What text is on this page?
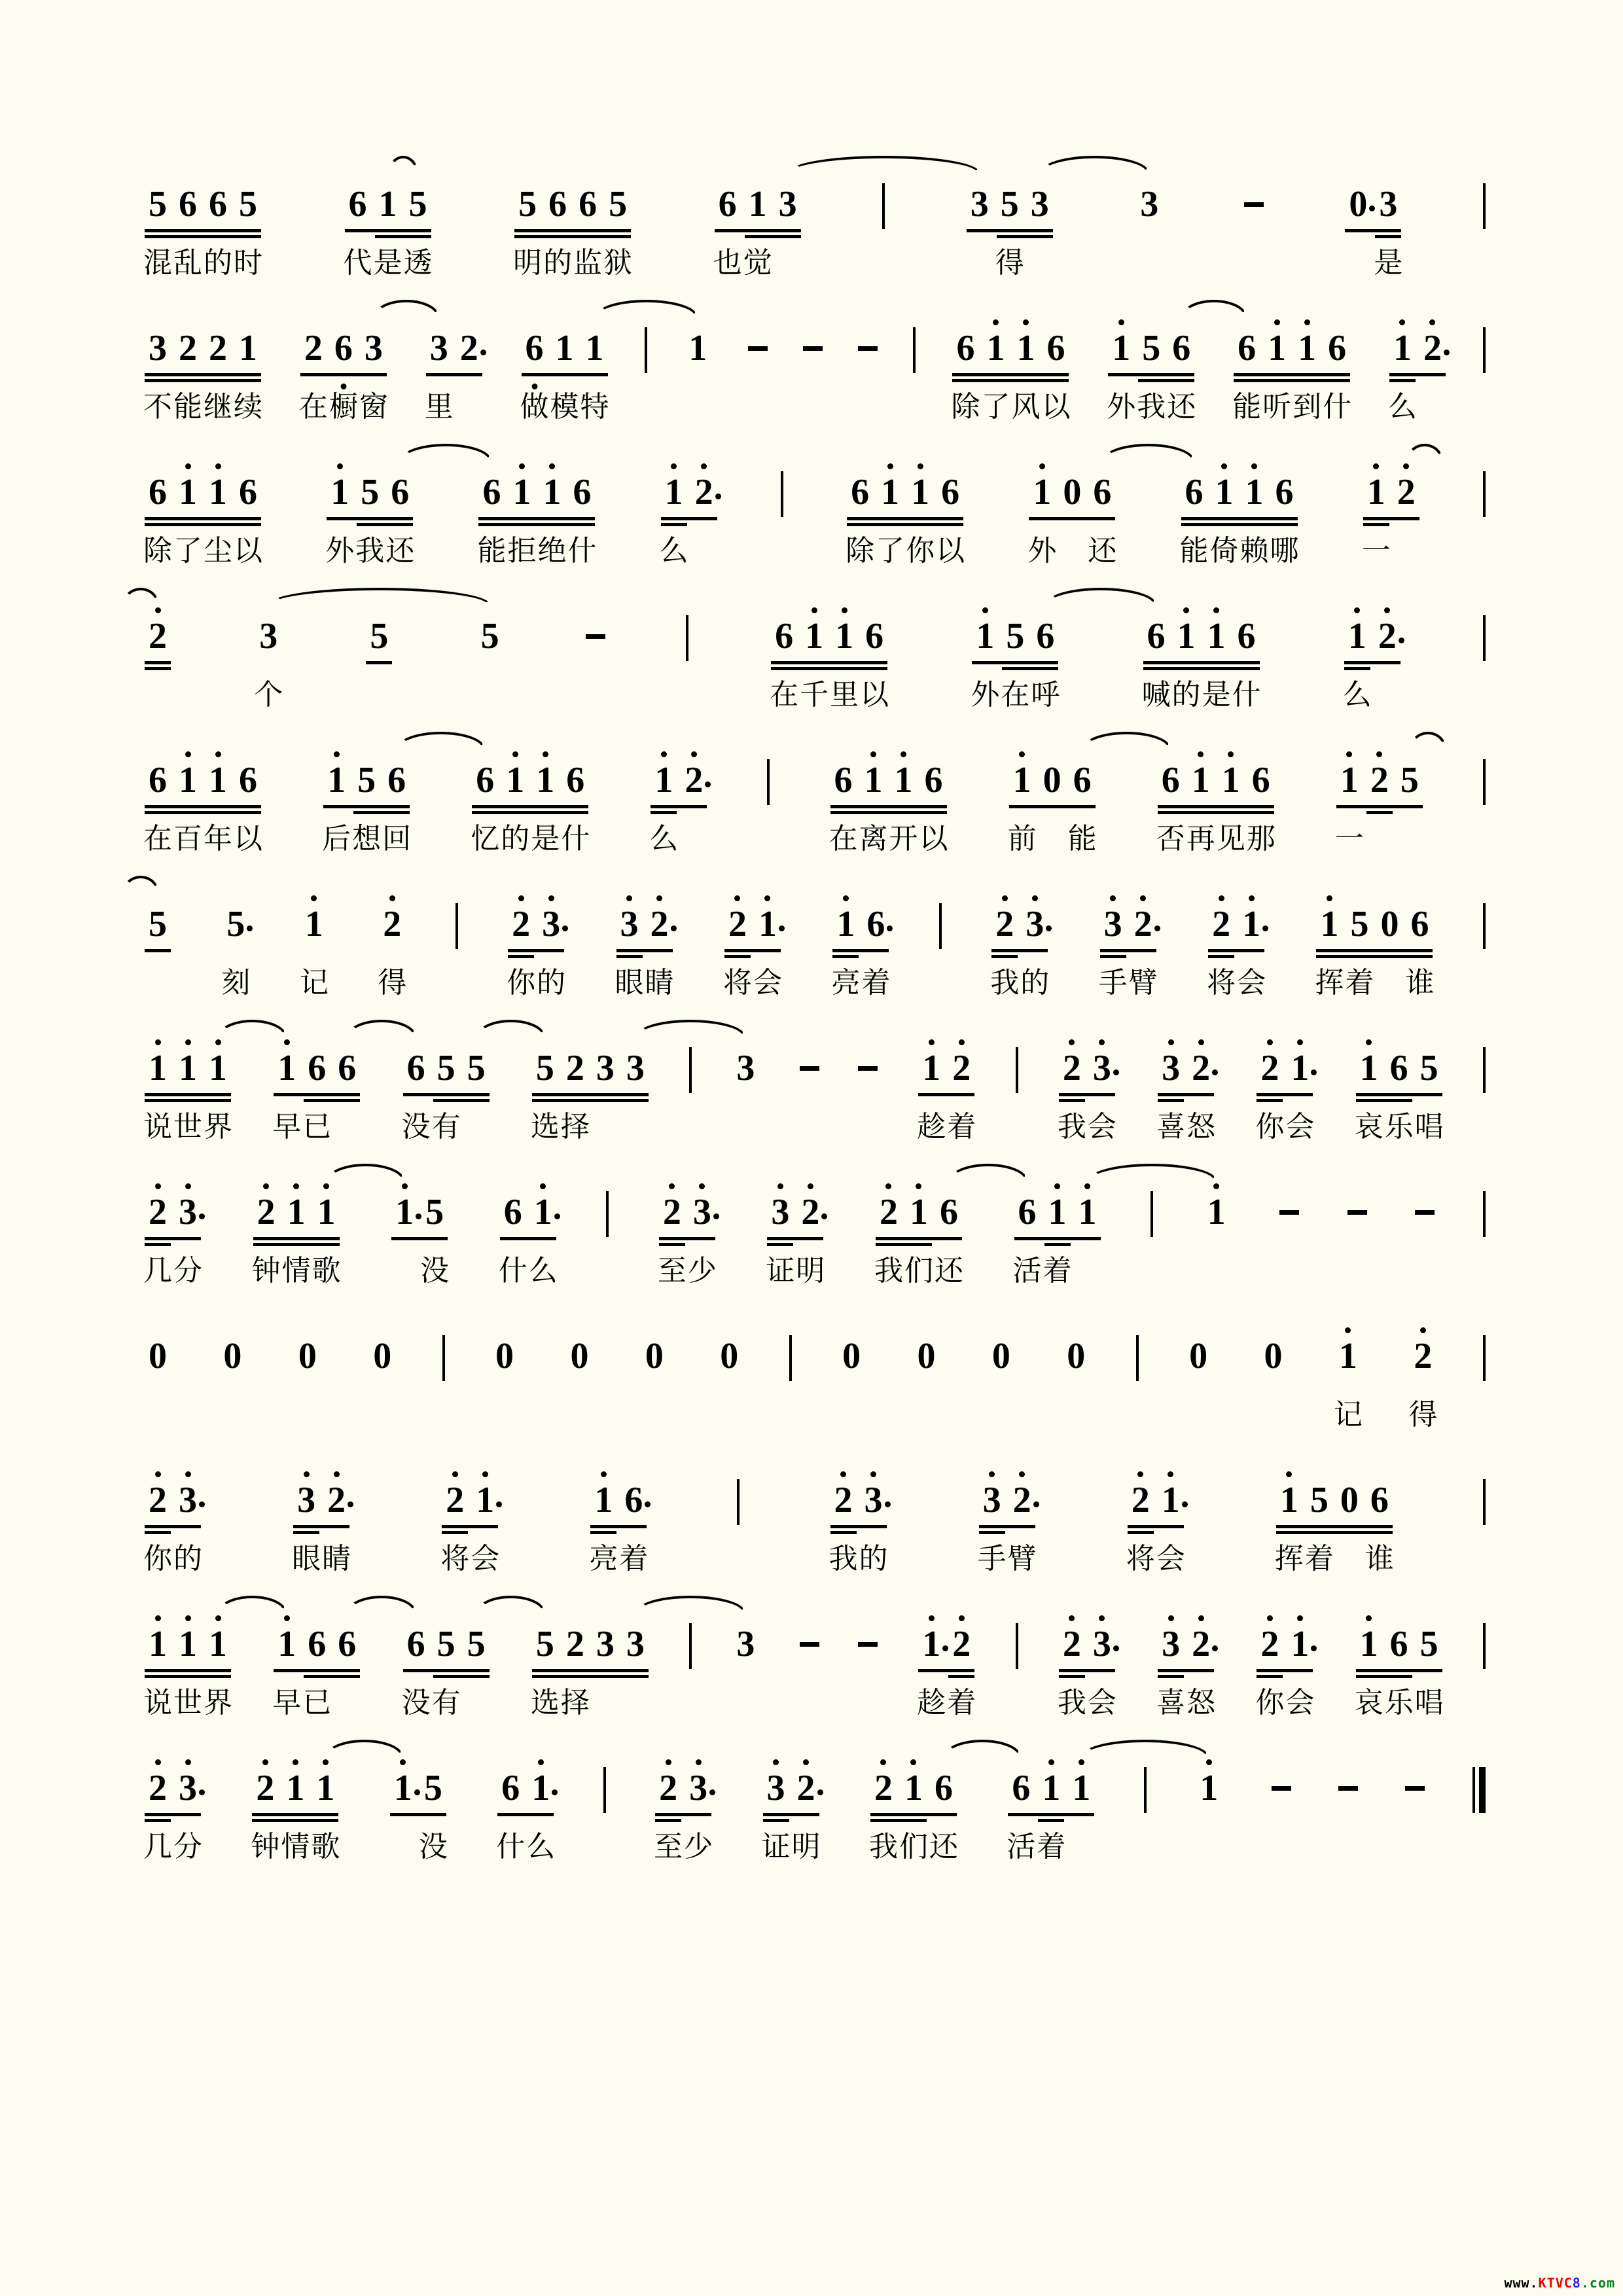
5
混
6
乱
6
的
5
时
6
代
1
是
5
透
5
明
6
的
6
监
5
狱
6
也
1
觉
3	3 5
得
3 3	0 3
是
3
不
2
能
2
继
1
续
2
在
6
橱
3
窗
3
里
2 6
做
1
模
1
特
1	6
除
1
了
1
风
6
以
1
外
5
我
6
还
6
能
1
听
1
到
6
什
1
么
2
6
除
1
了
1
尘
6
以
1
外
5
我
6
还
6
能
1
拒
1
绝
6
什
1
么
2	6
除
1
了
1
你
6
以
1
外
0 6
还
6
能
1
倚
1
赖
6
哪
1
一
2
2	3
个
5	5	6
在
1
千
1
里
6
以
1
外
5
在
6
呼
6
喊
1
的
1
是
6
什
1
么
2
6
在
1
百
1
年
6
以
1
后
5
想
6
回
6
忆
1
的
1
是
6
什
1
么
2	6
在
1
离
1
开
6
以
1
前
0 6
能
6
否
1
再
1
见
6
那
1
一
2 5
5 5
刻
1
记
2
得
2
你
3
的
3
眼
2
睛
2
将
1
会
1
亮
6
着
2
我
3
的
3
手
2
臂
2
将
1
会
1
挥
5
着
0 6
谁
1
说
1
世
1
界
1
早
6
已
6 6
没
5
有
5 5
选
2
择
3 3	3	1
趁
2
着
2
我
3
会
3
喜
2
怒
2
你
1
会
1
哀
6
乐
5
唱
2
几
3
分
2
钟
1
情
1
歌
1 5
没
6
什
1
么
2
至
3
少
3
证
2
明
2
我
1
们
6
还
6
活
1
着
1	1
0 0 0 0	0 0 0 0	0 0 0 0	0 0 1
记
2
得
2
你
3
的
3
眼
2
睛
2
将
1
会
1
亮
6
着
2
我
3
的
3
手
2
臂
2
将
1
会
1
挥
5
着
0 6
谁
1
说
1
世
1
界
1
早
6
已
6 6
没
5
有
5 5
选
2
择
3 3	3	1
趁
2
着
2
我
3
会
3
喜
2
怒
2
你
1
会
1
哀
6
乐
5
唱
2
几
3
分
2
钟
1
情
1
歌
1 5
没
6
什
1
么
2
至
3
少
3
证
2
明
2
我
1
们
6
还
6
活
1
着
1	1
www.KTVC8.com
